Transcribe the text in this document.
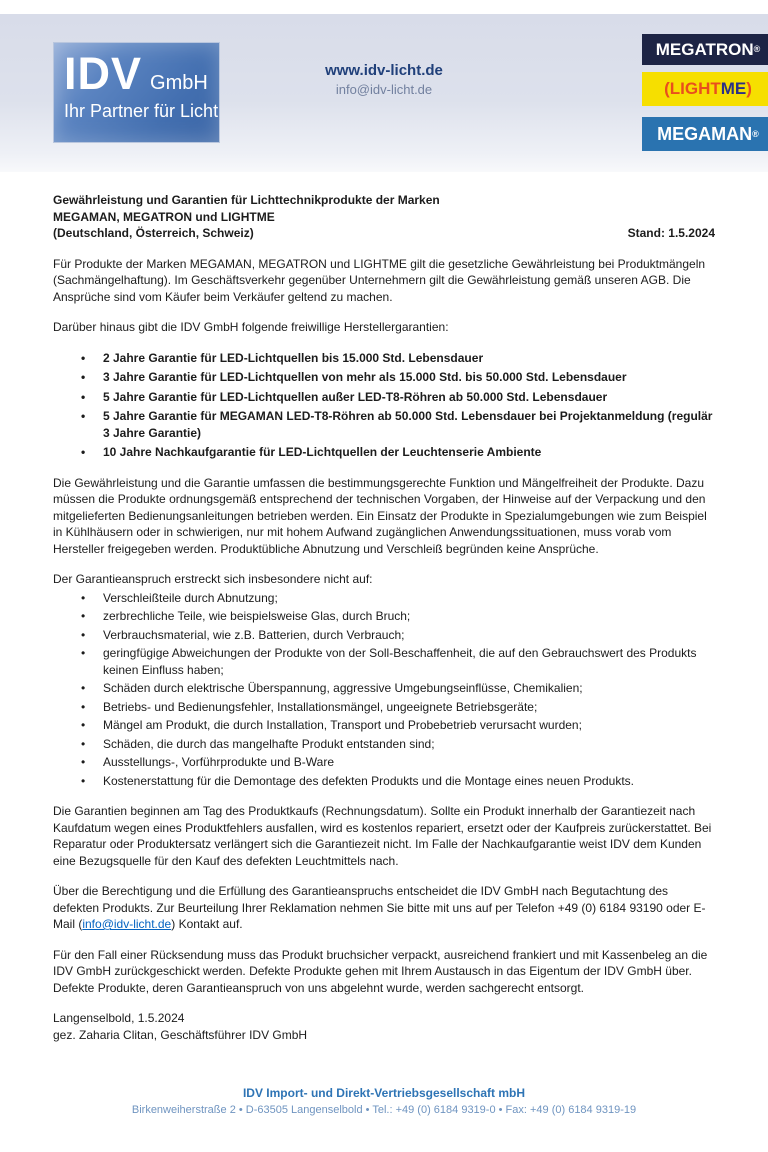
IDV GmbH
Ihr Partner für Licht
www.idv-licht.de
info@idv-licht.de
MEGATRON ®
( LIGHT ME )
MEGAMAN ®
Gewährleistung und Garantien für Lichttechnikprodukte der Marken
MEGAMAN, MEGATRON und LIGHTME
(Deutschland, Österreich, Schweiz)	Stand: 1.5.2024

Für Produkte der Marken MEGAMAN, MEGATRON und LIGHTME gilt die gesetzliche Gewährleistung bei Produktmängeln (Sachmängelhaftung). Im Geschäftsverkehr gegenüber Unternehmern gilt die Gewährleistung gemäß unseren AGB. Die Ansprüche sind vom Käufer beim Verkäufer geltend zu machen.

Darüber hinaus gibt die IDV GmbH folgende freiwillige Herstellergarantien:

• 2 Jahre Garantie für LED-Lichtquellen bis 15.000 Std. Lebensdauer
• 3 Jahre Garantie für LED-Lichtquellen von mehr als 15.000 Std. bis 50.000 Std. Lebensdauer
• 5 Jahre Garantie für LED-Lichtquellen außer LED-T8-Röhren ab 50.000 Std. Lebensdauer
• 5 Jahre Garantie für MEGAMAN LED-T8-Röhren ab 50.000 Std. Lebensdauer bei Projektanmeldung (regulär 3 Jahre Garantie)
• 10 Jahre Nachkaufgarantie für LED-Lichtquellen der Leuchtenserie Ambiente

Die Gewährleistung und die Garantie umfassen die bestimmungsgerechte Funktion und Mängelfreiheit der Produkte. Dazu müssen die Produkte ordnungsgemäß entsprechend der technischen Vorgaben, der Hinweise auf der Verpackung und den mitgelieferten Bedienungsanleitungen betrieben werden. Ein Einsatz der Produkte in Spezialumgebungen wie zum Beispiel in Kühlhäusern oder in schwierigen, nur mit hohem Aufwand zugänglichen Anwendungssituationen, muss vorab vom Hersteller freigegeben werden. Produktübliche Abnutzung und Verschleiß begründen keine Ansprüche.

Der Garantieanspruch erstreckt sich insbesondere nicht auf:

• Verschleißteile durch Abnutzung;
• zerbrechliche Teile, wie beispielsweise Glas, durch Bruch;
• Verbrauchsmaterial, wie z.B. Batterien, durch Verbrauch;
• geringfügige Abweichungen der Produkte von der Soll-Beschaffenheit, die auf den Gebrauchswert des Produkts keinen Einfluss haben;
• Schäden durch elektrische Überspannung, aggressive Umgebungseinflüsse, Chemikalien;
• Betriebs- und Bedienungsfehler, Installationsmängel, ungeeignete Betriebsgeräte;
• Mängel am Produkt, die durch Installation, Transport und Probebetrieb verursacht wurden;
• Schäden, die durch das mangelhafte Produkt entstanden sind;
• Ausstellungs-, Vorführprodukte und B-Ware
• Kostenerstattung für die Demontage des defekten Produkts und die Montage eines neuen Produkts.

Die Garantien beginnen am Tag des Produktkaufs (Rechnungsdatum). Sollte ein Produkt innerhalb der Garantiezeit nach Kaufdatum wegen eines Produktfehlers ausfallen, wird es kostenlos repariert, ersetzt oder der Kaufpreis zurückerstattet. Bei Reparatur oder Produktersatz verlängert sich die Garantiezeit nicht. Im Falle der Nachkaufgarantie weist IDV dem Kunden eine Bezugsquelle für den Kauf des defekten Leuchtmittels nach.

Über die Berechtigung und die Erfüllung des Garantieanspruchs entscheidet die IDV GmbH nach Begutachtung des defekten Produkts. Zur Beurteilung Ihrer Reklamation nehmen Sie bitte mit uns auf per Telefon +49 (0) 6184 93190 oder E-Mail (info@idv-licht.de) Kontakt auf.

Für den Fall einer Rücksendung muss das Produkt bruchsicher verpackt, ausreichend frankiert und mit Kassenbeleg an die IDV GmbH zurückgeschickt werden. Defekte Produkte gehen mit Ihrem Austausch in das Eigentum der IDV GmbH über. Defekte Produkte, deren Garantieanspruch von uns abgelehnt wurde, werden sachgerecht entsorgt.

Langenselbold, 1.5.2024
gez. Zaharia Clitan, Geschäftsführer IDV GmbH
IDV Import- und Direkt-Vertriebsgesellschaft mbH
Birkenweiherstraße 2 • D-63505 Langenselbold • Tel.: +49 (0) 6184 9319-0 • Fax: +49 (0) 6184 9319-19
